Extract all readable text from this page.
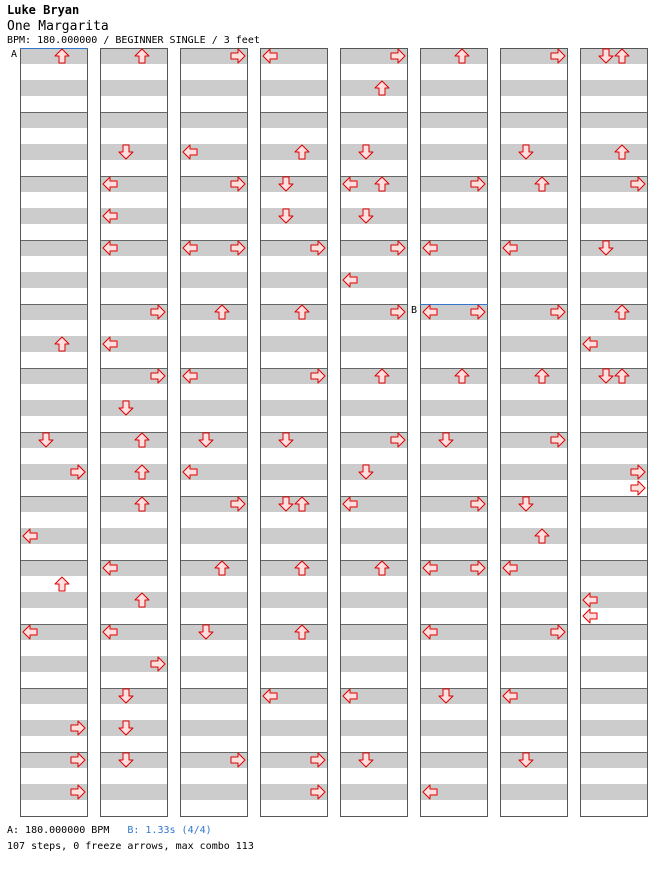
Luke Bryan
One Margarita
BPM: 180.000000 / BEGINNER SINGLE / 3 feet
A
B
A: 180.000000 BPM B: 1.33s (4/4)
107 steps, 0 freeze arrows, max combo 113
